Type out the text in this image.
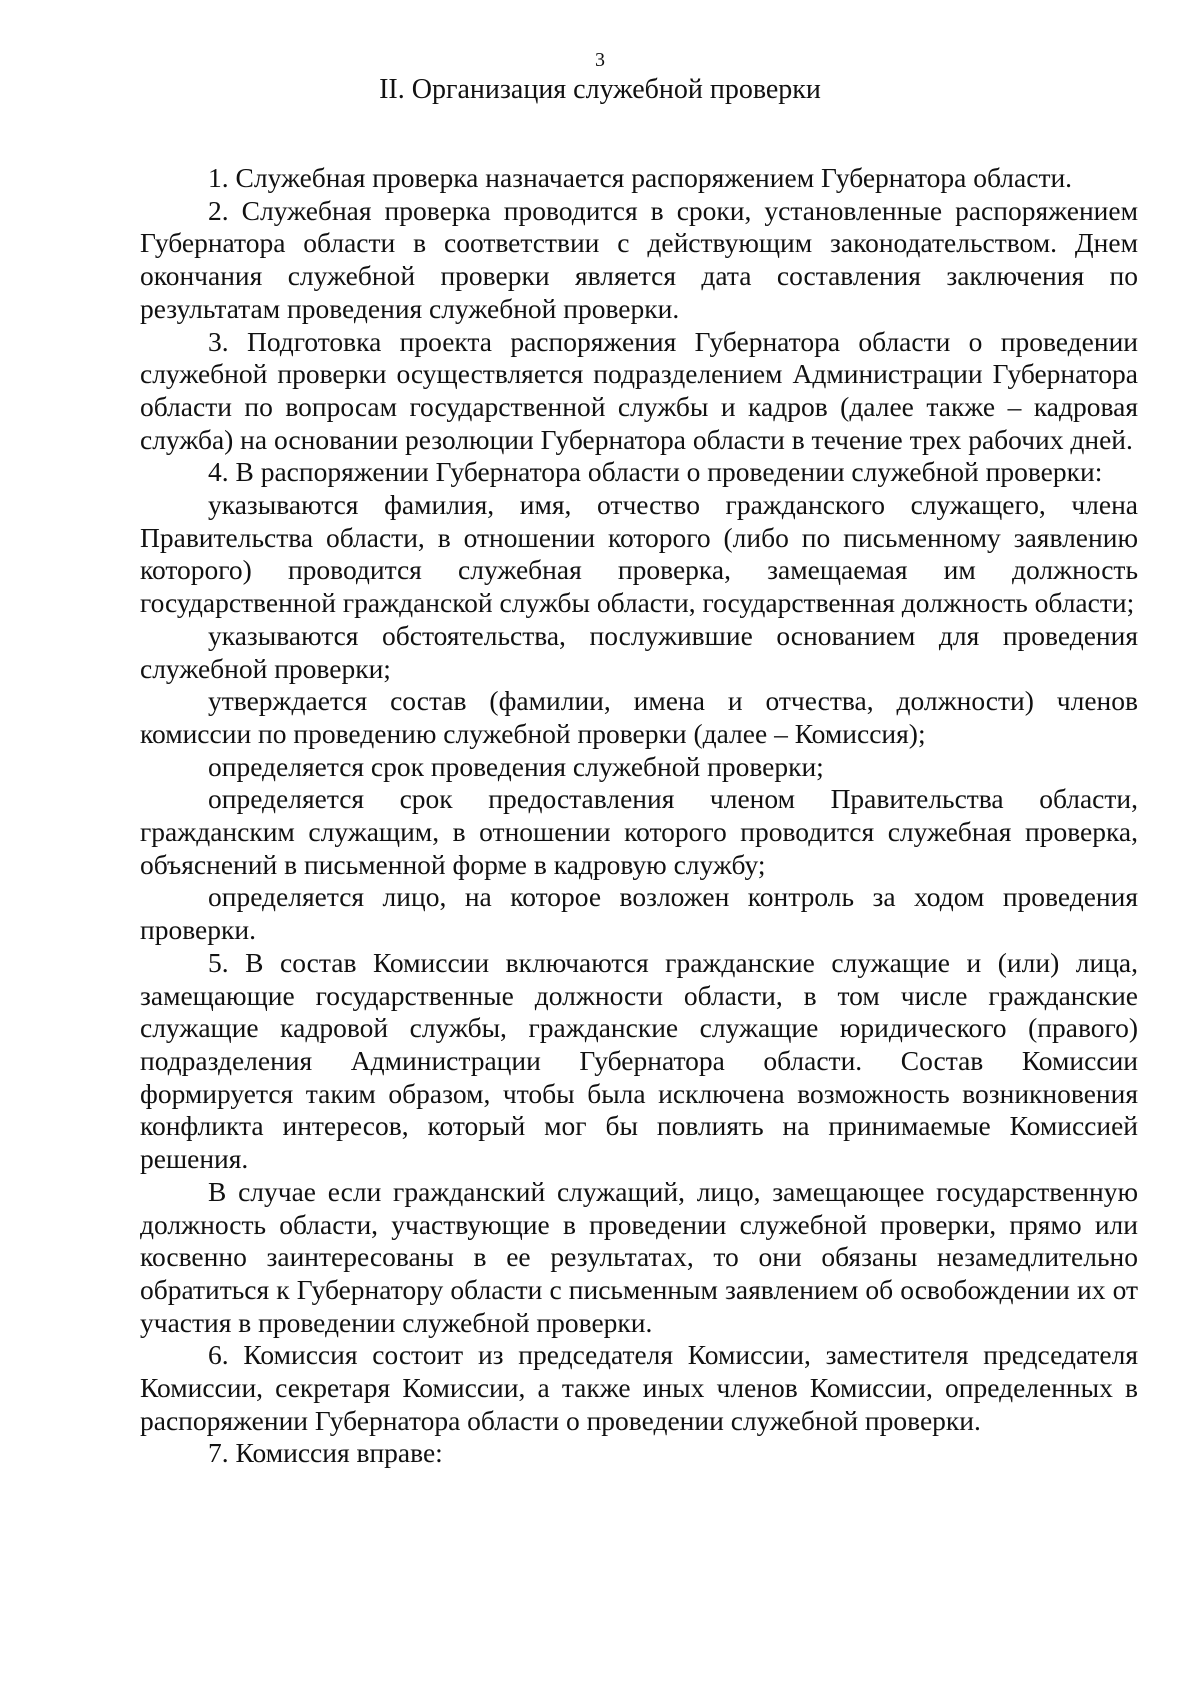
3
II. Организация служебной проверки

1. Служебная проверка назначается распоряжением Губернатора области.

2. Служебная проверка проводится в сроки, установленные распоряжением Губернатора области в соответствии с действующим законодательством. Днем окончания служебной проверки является дата составления заключения по результатам проведения служебной проверки.

3. Подготовка проекта распоряжения Губернатора области о проведении служебной проверки осуществляется подразделением Администрации Губернатора области по вопросам государственной службы и кадров (далее также – кадровая служба) на основании резолюции Губернатора области в течение трех рабочих дней.

4. В распоряжении Губернатора области о проведении служебной проверки:

указываются фамилия, имя, отчество гражданского служащего, члена Правительства области, в отношении которого (либо по письменному заявлению которого) проводится служебная проверка, замещаемая им должность государственной гражданской службы области, государственная должность области;

указываются обстоятельства, послужившие основанием для проведения служебной проверки;

утверждается состав (фамилии, имена и отчества, должности) членов комиссии по проведению служебной проверки (далее – Комиссия);

определяется срок проведения служебной проверки;

определяется срок предоставления членом Правительства области, гражданским служащим, в отношении которого проводится служебная проверка, объяснений в письменной форме в кадровую службу;

определяется лицо, на которое возложен контроль за ходом проведения проверки.

5. В состав Комиссии включаются гражданские служащие и (или) лица, замещающие государственные должности области, в том числе гражданские служащие кадровой службы, гражданские служащие юридического (правого) подразделения Администрации Губернатора области. Состав Комиссии формируется таким образом, чтобы была исключена возможность возникновения конфликта интересов, который мог бы повлиять на принимаемые Комиссией решения.

В случае если гражданский служащий, лицо, замещающее государственную должность области, участвующие в проведении служебной проверки, прямо или косвенно заинтересованы в ее результатах, то они обязаны незамедлительно обратиться к Губернатору области с письменным заявлением об освобождении их от участия в проведении служебной проверки.

6. Комиссия состоит из председателя Комиссии, заместителя председателя Комиссии, секретаря Комиссии, а также иных членов Комиссии, определенных в распоряжении Губернатора области о проведении служебной проверки.

7. Комиссия вправе:
